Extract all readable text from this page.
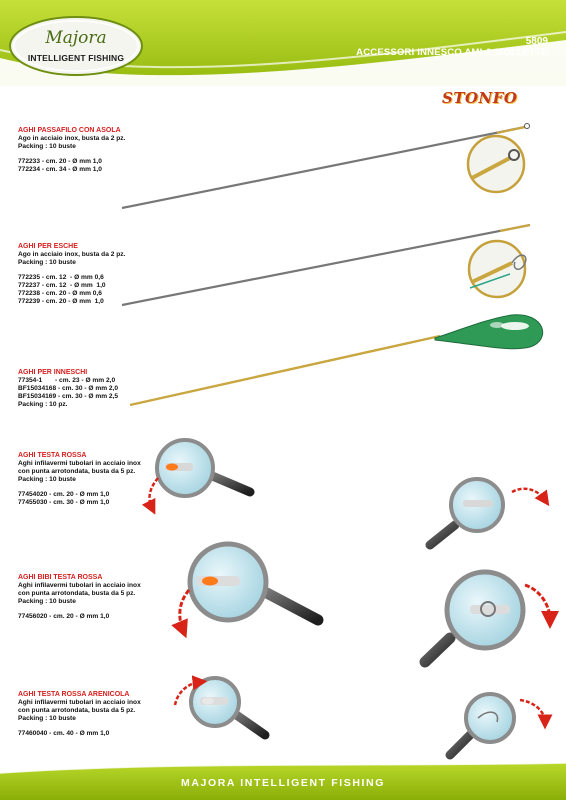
Majora
INTELLIGENT FISHING
5809
ACCESSORI INNESCO AMI & MOLLETTE
STONFO
AGHI PASSAFILO CON ASOLA
Ago in acciaio inox, busta da 2 pz.
Packing : 10 buste
772233 - cm. 20 - Ø mm 1,0
772234 - cm. 34 - Ø mm 1,0
AGHI PER ESCHE
Ago in acciaio inox, busta da 2 pz.
Packing : 10 buste
772235 - cm. 12  - Ø mm 0,6
772237 - cm. 12  - Ø mm  1,0
772238 - cm. 20 - Ø mm 0,6
772239 - cm. 20 - Ø mm  1,0
AGHI PER INNESCHI
77354-1       - cm. 23 - Ø mm 2,0
BF15034168 - cm. 30 - Ø mm 2,0
BF15034169 - cm. 30 - Ø mm 2,5
Packing : 10 pz.
AGHI TESTA ROSSA
Aghi infilavermi tubolari in acciaio inox
con punta arrotondata, busta da 5 pz.
Packing : 10 buste
77454020 - cm. 20 - Ø mm 1,0
77455030 - cm. 30 - Ø mm 1,0
AGHI BIBI TESTA ROSSA
Aghi infilavermi tubolari in acciaio inox
con punta arrotondata, busta da 5 pz.
Packing : 10 buste
77456020 - cm. 20 - Ø mm 1,0
AGHI TESTA ROSSA ARENICOLA
Aghi infilavermi tubolari in acciaio inox
con punta arrotondata, busta da 5 pz.
Packing : 10 buste
77460040 - cm. 40 - Ø mm 1,0
MAJORA INTELLIGENT FISHING
